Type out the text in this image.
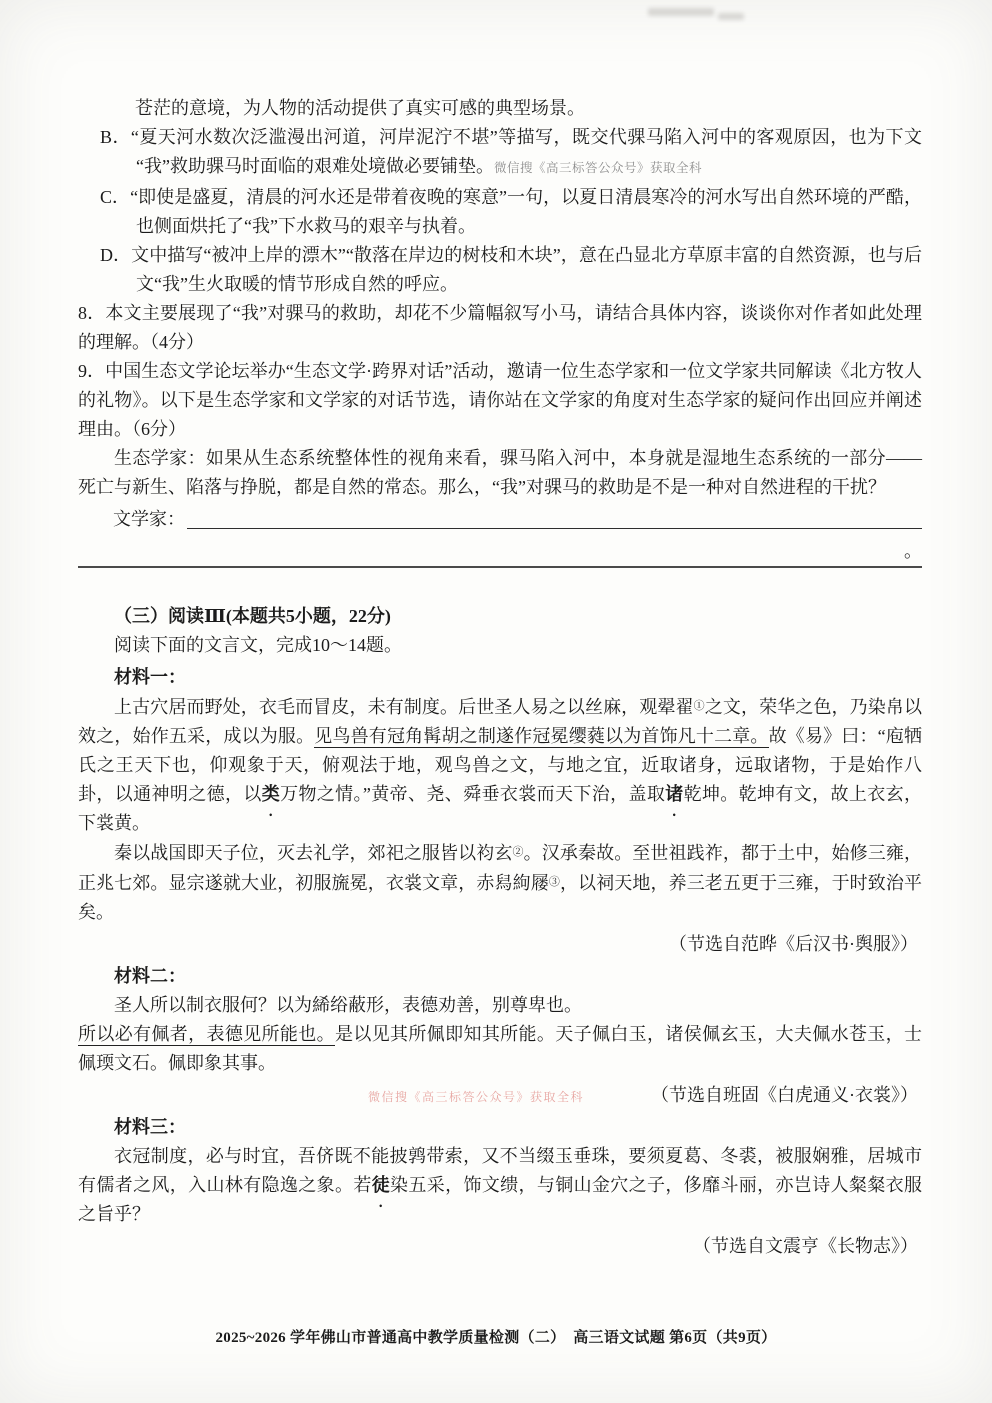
苍茫的意境，为人物的活动提供了真实可感的典型场景。

B．“夏天河水数次泛滥漫出河道，河岸泥泞不堪”等描写，既交代骒马陷入河中的客观原因，也为下文“我”救助骒马时面临的艰难处境做必要铺垫。微信搜《高三标答公众号》获取全科

C．“即使是盛夏，清晨的河水还是带着夜晚的寒意”一句，以夏日清晨寒冷的河水写出自然环境的严酷，也侧面烘托了“我”下水救马的艰辛与执着。

D．文中描写“被冲上岸的漂木”“散落在岸边的树枝和木块”，意在凸显北方草原丰富的自然资源，也与后文“我”生火取暖的情节形成自然的呼应。

8．本文主要展现了“我”对骒马的救助，却花不少篇幅叙写小马，请结合具体内容，谈谈你对作者如此处理的理解。（4分）

9．中国生态文学论坛举办“生态文学·跨界对话”活动，邀请一位生态学家和一位文学家共同解读《北方牧人的礼物》。以下是生态学家和文学家的对话节选，请你站在文学家的角度对生态学家的疑问作出回应并阐述理由。（6分）

生态学家：如果从生态系统整体性的视角来看，骒马陷入河中，本身就是湿地生态系统的一部分——死亡与新生、陷落与挣脱，都是自然的常态。那么，“我”对骒马的救助是不是一种对自然进程的干扰？

文学家：
。

（三）阅读Ⅲ(本题共5小题，22分)

阅读下面的文言文，完成10～14题。

材料一：

上古穴居而野处，衣毛而冒皮，未有制度。后世圣人易之以丝麻，观翚翟①之文，荣华之色，乃染帛以效之，始作五采，成以为服。见鸟兽有冠角髯胡之制遂作冠冕缨蕤以为首饰凡十二章。故《易》曰：“庖牺氏之王天下也，仰观象于天，俯观法于地，观鸟兽之文，与地之宜，近取诸身，远取诸物，于是始作八卦，以通神明之德，以类万物之情。”黄帝、尧、舜垂衣裳而天下治，盖取诸乾坤。乾坤有文，故上衣玄，下裳黄。

秦以战国即天子位，灭去礼学，郊祀之服皆以袀玄②。汉承秦故。至世祖践祚，都于土中，始修三雍，正兆七郊。显宗遂就大业，初服旒冕，衣裳文章，赤舄絇屦③，以祠天地，养三老五更于三雍，于时致治平矣。

（节选自范晔《后汉书·舆服》）

材料二：

圣人所以制衣服何？以为絺绤蔽形，表德劝善，别尊卑也。

所以必有佩者，表德见所能也。是以见其所佩即知其所能。天子佩白玉，诸侯佩玄玉，大夫佩水苍玉，士佩瑌文石。佩即象其事。

（节选自班固《白虎通义·衣裳》）

材料三：

衣冠制度，必与时宜，吾侪既不能披鹑带索，又不当缀玉垂珠，要须夏葛、冬裘，被服娴雅，居城市有儒者之风，入山林有隐逸之象。若徒染五采，饰文缋，与铜山金穴之子，侈靡斗丽，亦岂诗人粲粲衣服之旨乎？

（节选自文震亨《长物志》）

微信搜《高三标答公众号》获取全科
2025~2026 学年佛山市普通高中教学质量检测（二）　高三语文试题 第6页（共9页）
